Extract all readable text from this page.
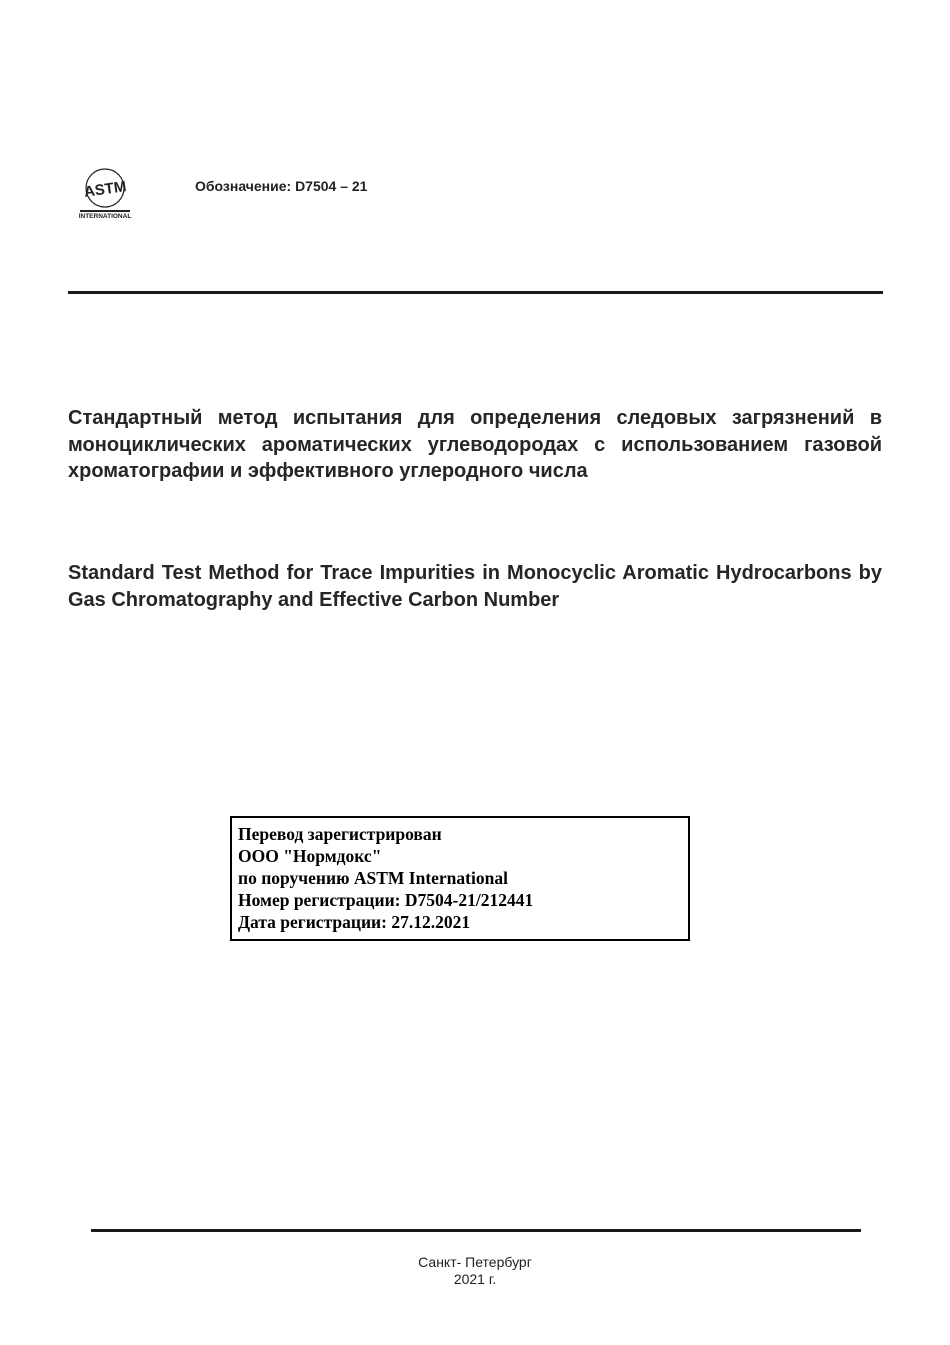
ASTM
INTERNATIONAL
Обозначение: D7504 – 21
Стандартный метод испытания для определения следовых загрязнений в моноциклических ароматических углеводородах с использованием газовой хроматографии и эффективного углеродного числа
Standard Test Method for Trace Impurities in Monocyclic Aromatic Hydrocarbons by Gas Chromatography and Effective Carbon Number
Перевод зарегистрирован
ООО "Нормдокс"
по поручению ASTM International
Номер регистрации: D7504-21/212441
Дата регистрации: 27.12.2021
Санкт- Петербург
2021 г.
